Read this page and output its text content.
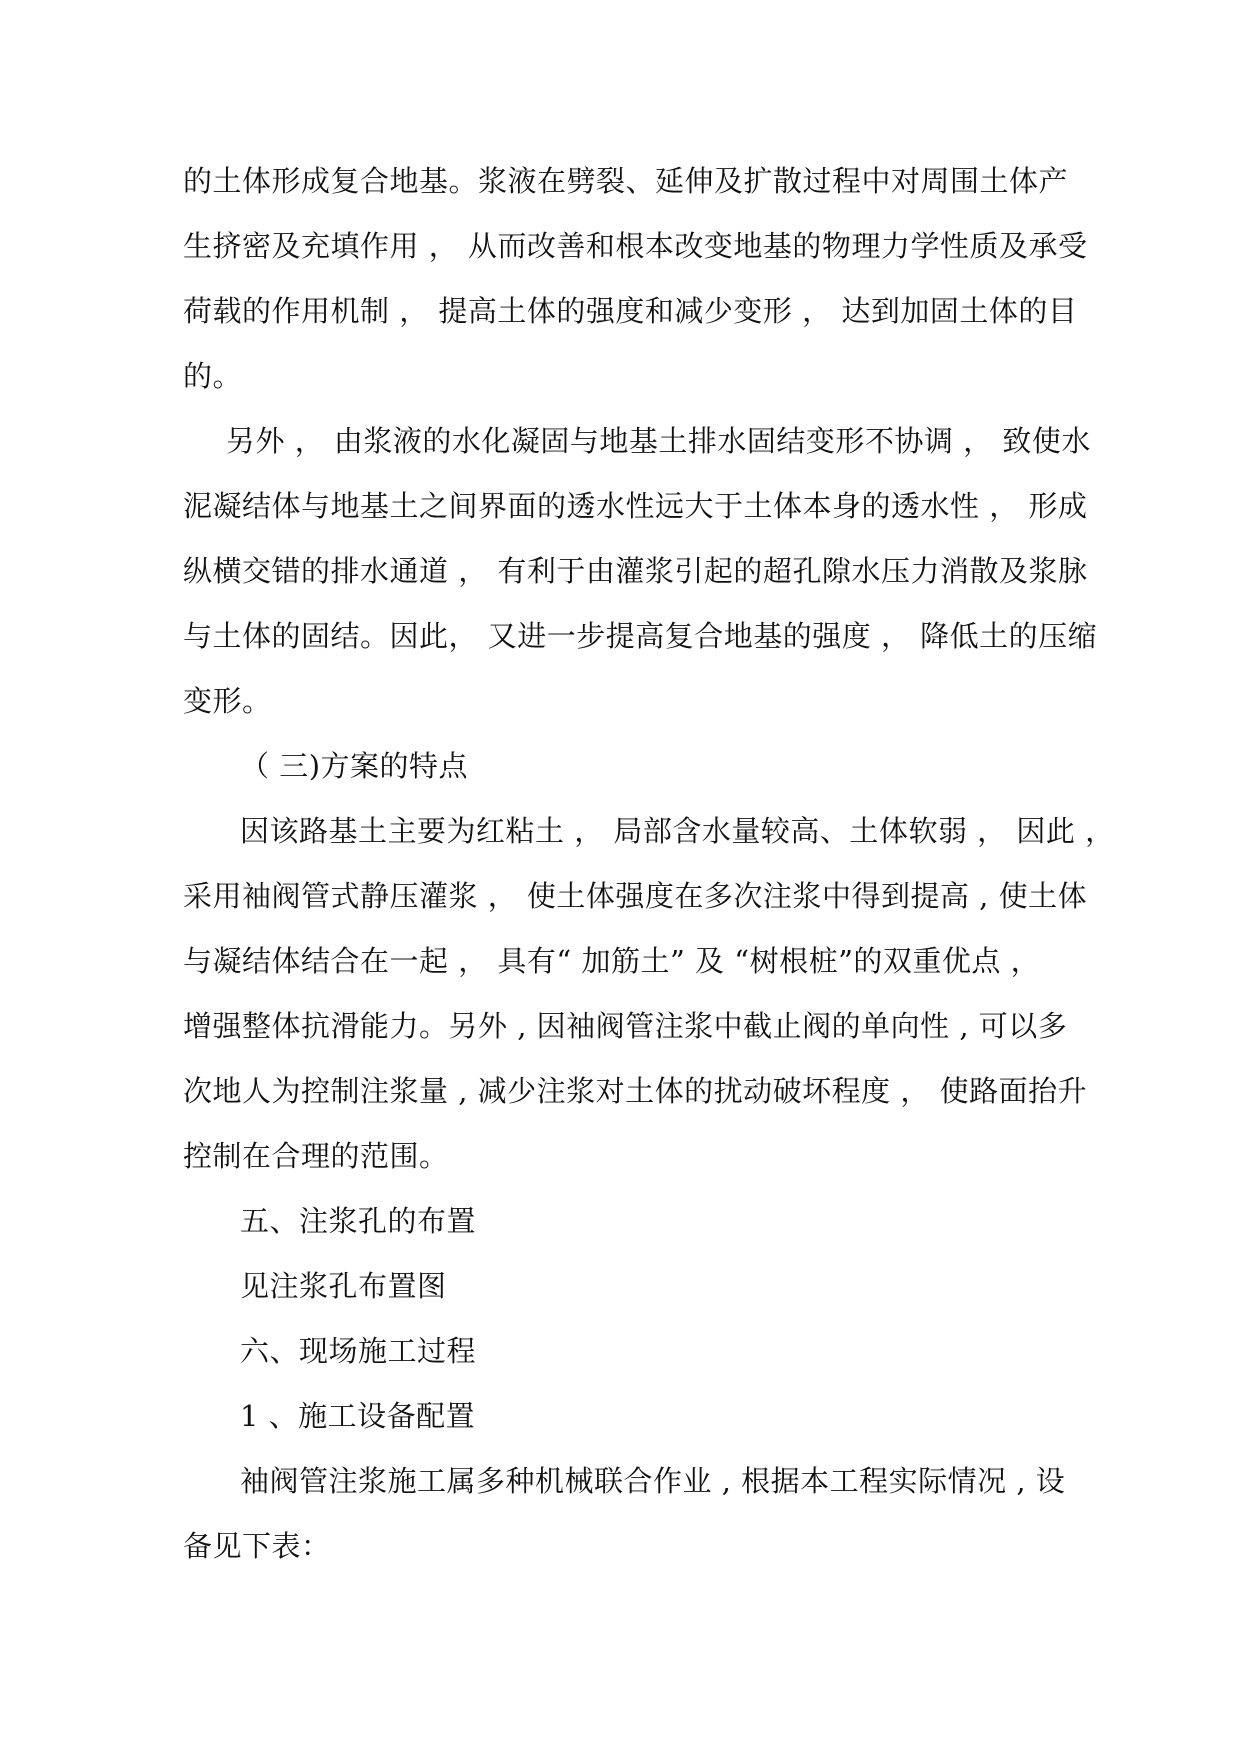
的土体形成复合地基。浆液在劈裂、延伸及扩散过程中对周围土体产
生挤密及充填作用 ， 从而改善和根本改变地基的物理力学性质及承受
荷载的作用机制 ， 提高土体的强度和减少变形 ， 达到加固土体的目
的。
另外 ， 由浆液的水化凝固与地基土排水固结变形不协调 ， 致使水
泥凝结体与地基土之间界面的透水性远大于土体本身的透水性 ， 形成
纵横交错的排水通道 ， 有利于由灌浆引起的超孔隙水压力消散及浆脉
与土体的固结。因此， 又进一步提高复合地基的强度 ， 降低土的压缩
变形。
（ 三)方案的特点
因该路基土主要为红粘土 ， 局部含水量较高、土体软弱 ， 因此 ，
采用袖阀管式静压灌浆 ， 使土体强度在多次注浆中得到提高 , 使土体
与凝结体结合在一起 ， 具有“ 加筋土” 及 “树根桩”的双重优点 ，
增强整体抗滑能力。另外 , 因袖阀管注浆中截止阀的单向性 , 可以多
次地人为控制注浆量 , 减少注浆对土体的扰动破坏程度 ， 使路面抬升
控制在合理的范围。
五、注浆孔的布置
见注浆孔布置图
六、现场施工过程
1 、施工设备配置
袖阀管注浆施工属多种机械联合作业 , 根据本工程实际情况 , 设
备见下表：
